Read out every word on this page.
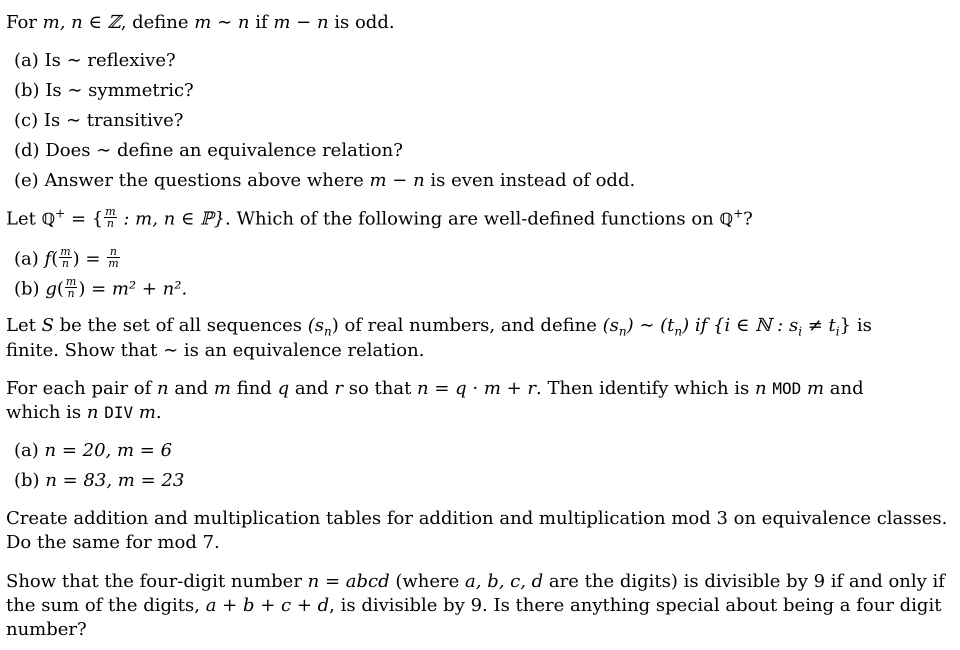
For m, n ∈ ℤ, define m ∼ n if m − n is odd.
(a) Is ∼ reflexive?
(b) Is ∼ symmetric?
(c) Is ∼ transitive?
(d) Does ∼ define an equivalence relation?
(e) Answer the questions above where m − n is even instead of odd.
Let ℚ+ = { $\frac{m}{n}$ : m, n ∈ ℙ}. Which of the following are well-defined functions on ℚ+?
(a) $f( \frac{m}{n}$ ) = $\frac{n}{m}$
(b) $g( \frac{m}{n}$ ) = m² + n².
Let S be the set of all sequences $(s_n)$ of real numbers, and define $(s_n)$ ∼ $(t_n)$ if {i ∈ ℕ : $s_i \ne t_i$} is
finite. Show that ∼ is an equivalence relation.
For each pair of n and m find q and r so that n = q · m + r. Then identify which is n MOD m and
which is n DIV m.
(a) n = 20, m = 6
(b) n = 83, m = 23
Create addition and multiplication tables for addition and multiplication mod 3 on equivalence classes.
Do the same for mod 7.
Show that the four-digit number n = abcd (where a, b, c, d are the digits) is divisible by 9 if and only if
the sum of the digits, a + b + c + d, is divisible by 9. Is there anything special about being a four digit
number?
